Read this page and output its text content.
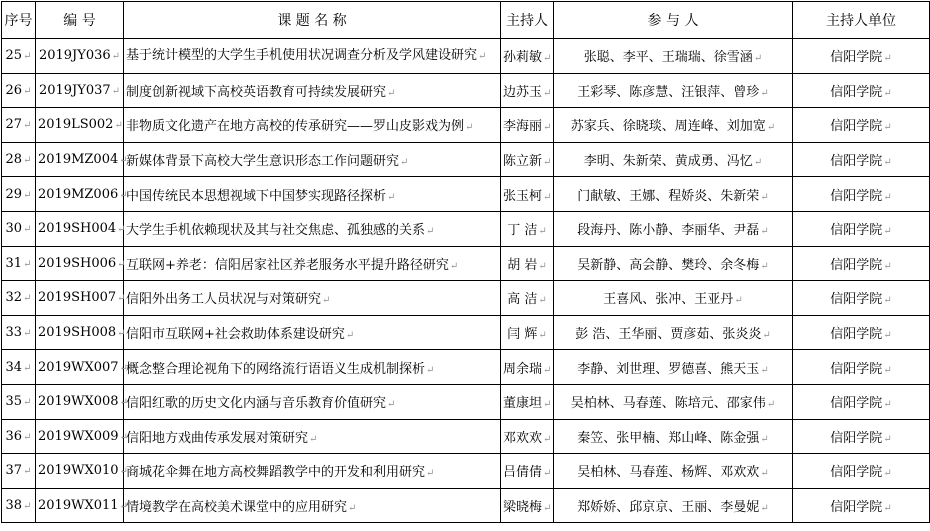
序号	编 号	课 题 名 称	主持人	参 与 人	主持人单位
25↵	2019JY036↵	基于统计模型的大学生手机使用状况调查分析及学风建设研究↵	孙莉敏↵	张聪、李平、王瑞瑞、徐雪涵↵	信阳学院↵
26↵	2019JY037↵	制度创新视域下高校英语教育可持续发展研究↵	边苏玉↵	王彩琴、陈彦慧、汪银萍、曾珍↵	信阳学院↵
27↵	2019LS002↵	非物质文化遗产在地方高校的传承研究——罗山皮影戏为例↵	李海丽↵	苏家兵、徐晓琰、周连峰、刘加宽↵	信阳学院↵
28↵	2019MZ004↵	新媒体背景下高校大学生意识形态工作问题研究↵	陈立新↵	李明、朱新荣、黄成勇、冯忆↵	信阳学院↵
29↵	2019MZ006↵	中国传统民本思想视域下中国梦实现路径探析↵	张玉柯↵	门献敏、王娜、程娇炎、朱新荣↵	信阳学院↵
30↵	2019SH004↵	大学生手机依赖现状及其与社交焦虑、孤独感的关系↵	丁 洁↵	段海丹、陈小静、李丽华、尹磊↵	信阳学院↵
31↵	2019SH006↵	互联网+养老：信阳居家社区养老服务水平提升路径研究↵	胡 岩↵	吴新静、高会静、樊玲、余冬梅↵	信阳学院↵
32↵	2019SH007↵	信阳外出务工人员状况与对策研究↵	高 洁↵	王喜风、张冲、王亚丹↵	信阳学院↵
33↵	2019SH008↵	信阳市互联网+社会救助体系建设研究↵	闫 辉↵	彭 浩、王华丽、贾彦茹、张炎炎↵	信阳学院↵
34↵	2019WX007↵	概念整合理论视角下的网络流行语语义生成机制探析↵	周余瑞↵	李静、刘世理、罗德喜、熊天玉↵	信阳学院↵
35↵	2019WX008↵	信阳红歌的历史文化内涵与音乐教育价值研究↵	董康坦↵	吴柏林、马春莲、陈培元、邵家伟↵	信阳学院↵
36↵	2019WX009↵	信阳地方戏曲传承发展对策研究↵	邓欢欢↵	秦笠、张甲楠、郑山峰、陈金强↵	信阳学院↵
37↵	2019WX010↵	商城花伞舞在地方高校舞蹈教学中的开发和利用研究↵	吕倩倩↵	吴柏林、马春莲、杨辉、邓欢欢↵	信阳学院↵
38↵	2019WX011↵	情境教学在高校美术课堂中的应用研究↵	梁晓梅↵	郑娇娇、邱京京、王丽、李曼妮↵	信阳学院↵
